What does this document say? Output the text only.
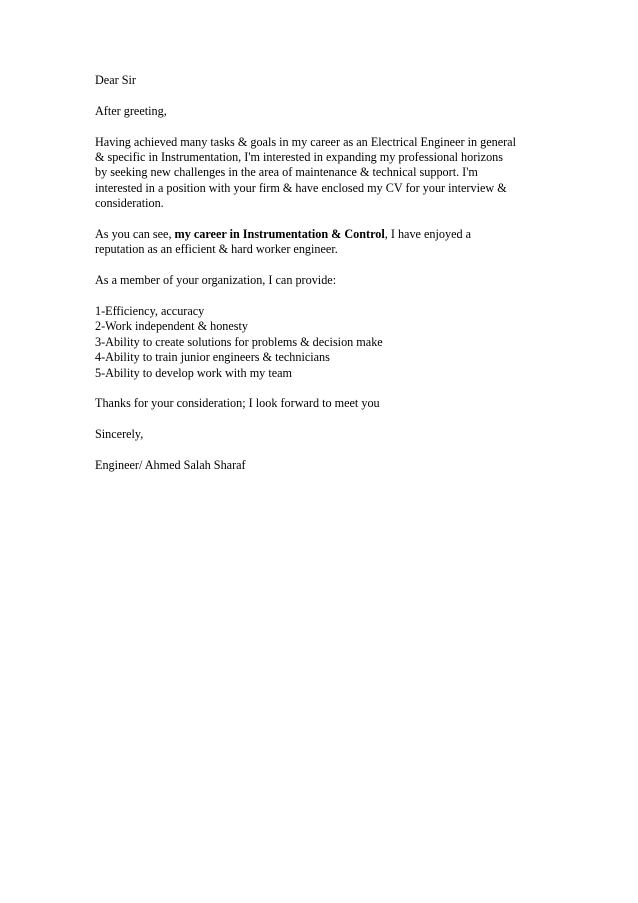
Dear Sir

After greeting,

Having achieved many tasks & goals in my career as an Electrical Engineer in general
& specific in Instrumentation, I'm interested in expanding my professional horizons
by seeking new challenges in the area of maintenance & technical support. I'm
interested in a position with your firm & have enclosed my CV for your interview &
consideration.

As you can see, my career in Instrumentation & Control, I have enjoyed a
reputation as an efficient & hard worker engineer.

As a member of your organization, I can provide:

1-Efficiency, accuracy
2-Work independent & honesty
3-Ability to create solutions for problems & decision make
4-Ability to train junior engineers & technicians
5-Ability to develop work with my team

Thanks for your consideration; I look forward to meet you

Sincerely,

Engineer/ Ahmed Salah Sharaf
